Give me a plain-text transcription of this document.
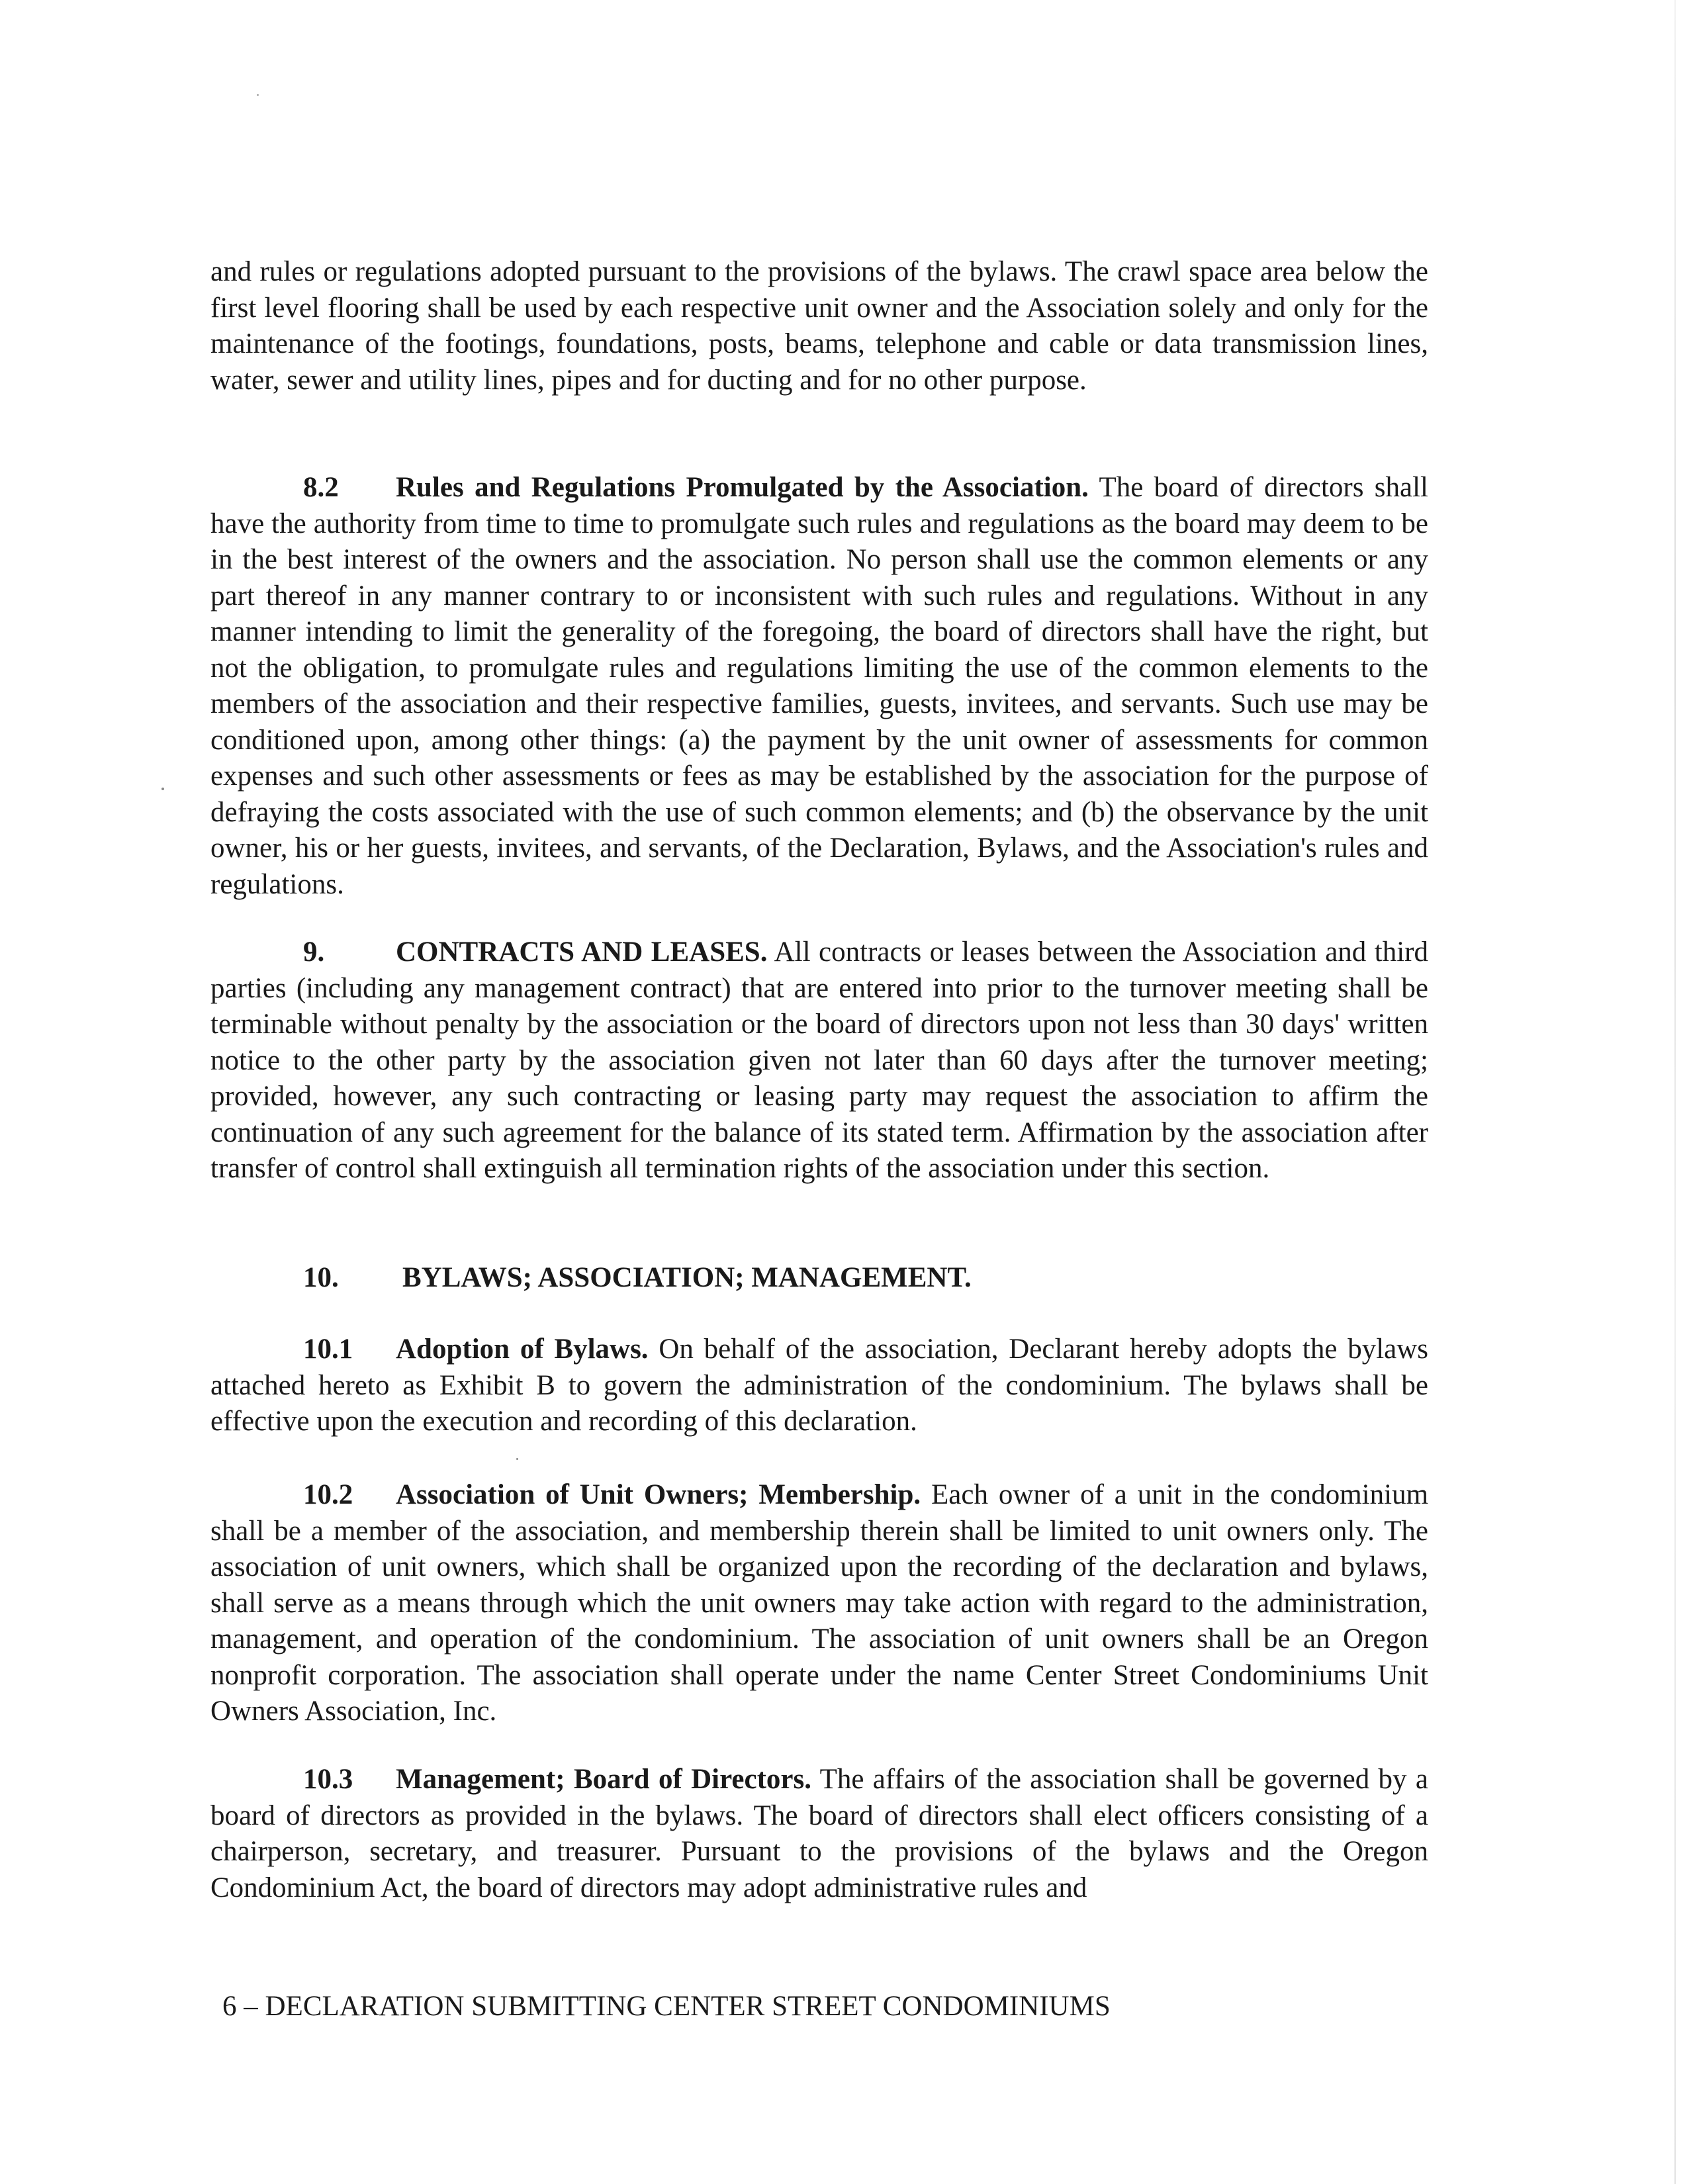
and rules or regulations adopted pursuant to the provisions of the bylaws. The crawl space area below the first level flooring shall be used by each respective unit owner and the Association solely and only for the maintenance of the footings, foundations, posts, beams, telephone and cable or data transmission lines, water, sewer and utility lines, pipes and for ducting and for no other purpose.

8.2 Rules and Regulations Promulgated by the Association. The board of directors shall have the authority from time to time to promulgate such rules and regulations as the board may deem to be in the best interest of the owners and the association. No person shall use the common elements or any part thereof in any manner contrary to or inconsistent with such rules and regulations. Without in any manner intending to limit the generality of the foregoing, the board of directors shall have the right, but not the obligation, to promulgate rules and regulations limiting the use of the common elements to the members of the association and their respective families, guests, invitees, and servants. Such use may be conditioned upon, among other things: (a) the payment by the unit owner of assessments for common expenses and such other assessments or fees as may be established by the association for the purpose of defraying the costs associated with the use of such common elements; and (b) the observance by the unit owner, his or her guests, invitees, and servants, of the Declaration, Bylaws, and the Association's rules and regulations.

9.	CONTRACTS AND LEASES. All contracts or leases between the Association and third parties (including any management contract) that are entered into prior to the turnover meeting shall be terminable without penalty by the association or the board of directors upon not less than 30 days' written notice to the other party by the association given not later than 60 days after the turnover meeting; provided, however, any such contracting or leasing party may request the association to affirm the continuation of any such agreement for the balance of its stated term. Affirmation by the association after transfer of control shall extinguish all termination rights of the association under this section.

10. BYLAWS; ASSOCIATION; MANAGEMENT.

10.1 Adoption of Bylaws. On behalf of the association, Declarant hereby adopts the bylaws attached hereto as Exhibit B to govern the administration of the condominium. The bylaws shall be effective upon the execution and recording of this declaration.

10.2 Association of Unit Owners; Membership. Each owner of a unit in the condominium shall be a member of the association, and membership therein shall be limited to unit owners only. The association of unit owners, which shall be organized upon the recording of the declaration and bylaws, shall serve as a means through which the unit owners may take action with regard to the administration, management, and operation of the condominium. The association of unit owners shall be an Oregon nonprofit corporation. The association shall operate under the name Center Street Condominiums Unit Owners Association, Inc.

10.3 Management; Board of Directors. The affairs of the association shall be governed by a board of directors as provided in the bylaws. The board of directors shall elect officers consisting of a chairperson, secretary, and treasurer. Pursuant to the provisions of the bylaws and the Oregon Condominium Act, the board of directors may adopt administrative rules and

6 – DECLARATION SUBMITTING CENTER STREET CONDOMINIUMS
